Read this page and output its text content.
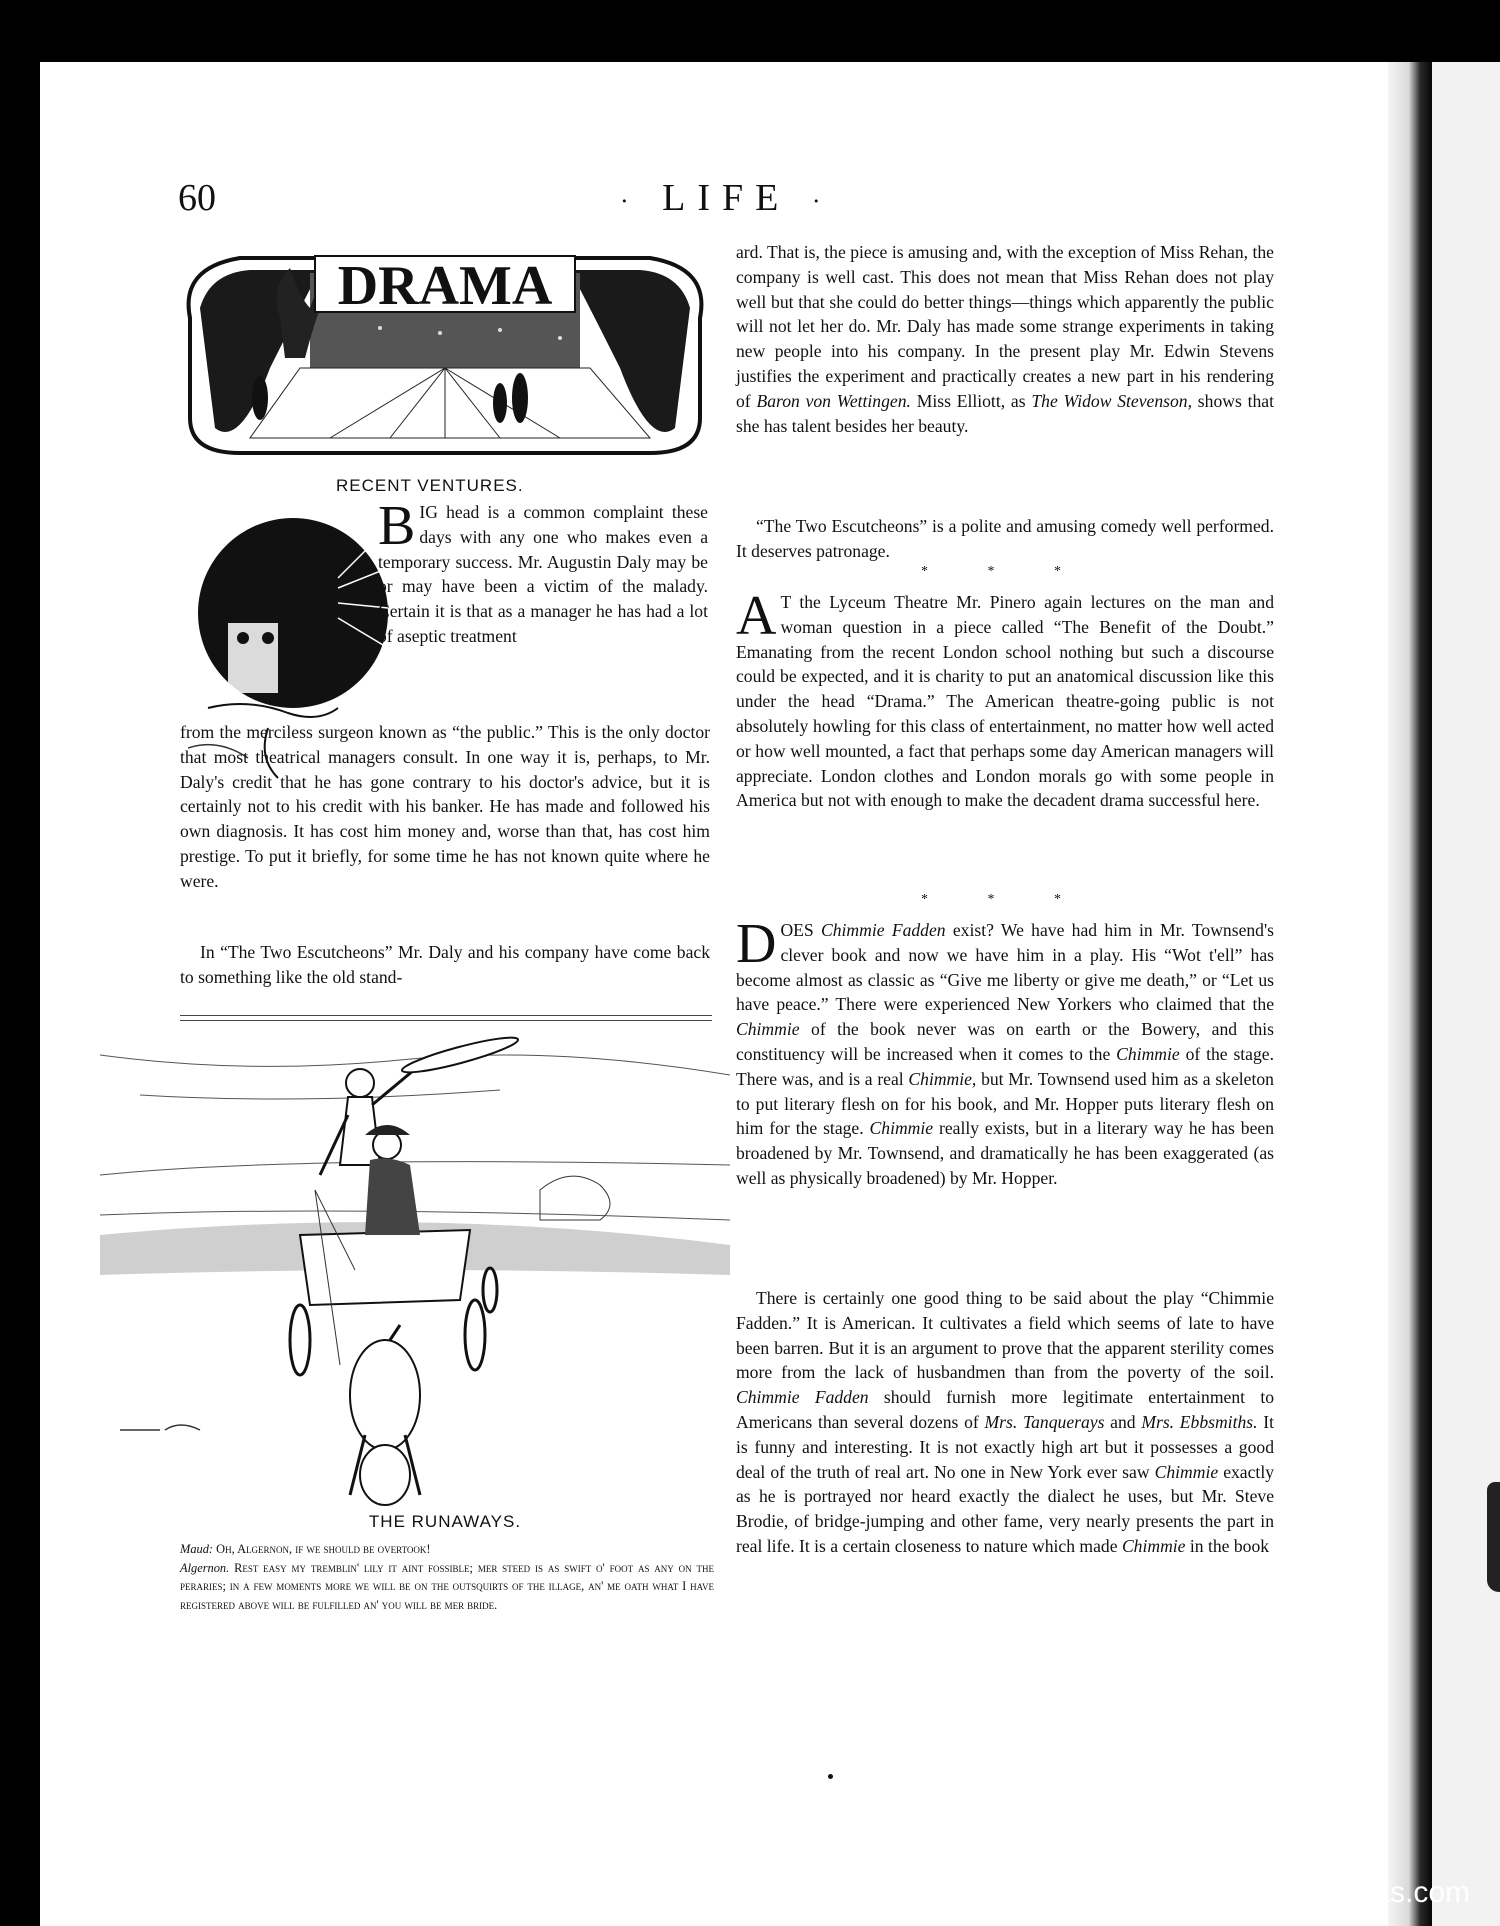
60	· LIFE ·
DRAMA
RECENT VENTURES.
BIG head is a common complaint these days with any one who makes even a temporary success. Mr. Augustin Daly may be or may have been a victim of the malady. Certain it is that as a manager he has had a lot of aseptic treatment
from the merciless surgeon known as “the public.” This is the only doctor that most theatrical managers consult. In one way it is, perhaps, to Mr. Daly's credit that he has gone contrary to his doctor's advice, but it is certainly not to his credit with his banker. He has made and followed his own diagnosis. It has cost him money and, worse than that, has cost him prestige. To put it briefly, for some time he has not known quite where he were.
In “The Two Escutcheons” Mr. Daly and his company have come back to something like the old stand-
THE RUNAWAYS.

Maud: Oh, Algernon, if we should be overtook!

Algernon. Rest easy my tremblin' lily it aint fossible; mer steed is as swift o' foot as any on the peraries; in a few moments more we will be on the outsquirts of the illage, an' me oath what I have registered above will be fulfilled an' you will be mer bride.

ard. That is, the piece is amusing and, with the exception of Miss Rehan, the company is well cast. This does not mean that Miss Rehan does not play well but that she could do better things—things which apparently the public will not let her do. Mr. Daly has made some strange experiments in taking new people into his company. In the present play Mr. Edwin Stevens justifies the experiment and practically creates a new part in his rendering of Baron von Wettingen. Miss Elliott, as The Widow Stevenson, shows that she has talent besides her beauty.
“The Two Escutcheons” is a polite and amusing comedy well performed. It deserves patronage.
* * *
A T the Lyceum Theatre Mr. Pinero again lectures on the man and woman question in a piece called “The Benefit of the Doubt.” Emanating from the recent London school nothing but such a discourse could be expected, and it is charity to put an anatomical discussion like this under the head “Drama.” The American theatre-going public is not absolutely howling for this class of entertainment, no matter how well acted or how well mounted, a fact that perhaps some day American managers will appreciate. London clothes and London morals go with some people in America but not with enough to make the decadent drama successful here.
* * *
DOES Chimmie Fadden exist? We have had him in Mr. Townsend's clever book and now we have him in a play. His “Wot t'ell” has become almost as classic as “Give me liberty or give me death,” or “Let us have peace.” There were experienced New Yorkers who claimed that the Chimmie of the book never was on earth or the Bowery, and this constituency will be increased when it comes to the Chimmie of the stage. There was, and is a real Chimmie, but Mr. Townsend used him as a skeleton to put literary flesh on for his book, and Mr. Hopper puts literary flesh on him for the stage. Chimmie really exists, but in a literary way he has been broadened by Mr. Townsend, and dramatically he has been exaggerated (as well as physically broadened) by Mr. Hopper.
There is certainly one good thing to be said about the play “Chimmie Fadden.” It is American. It cultivates a field which seems of late to have been barren. But it is an argument to prove that the apparent sterility comes more from the lack of husbandmen than from the poverty of the soil. Chimmie Fadden should furnish more legitimate entertainment to Americans than several dozens of Mrs. Tanquerays and Mrs. Ebbsmiths. It is funny and interesting. It is not exactly high art but it possesses a good deal of the truth of real art. No one in New York ever saw Chimmie exactly as he is portrayed nor heard exactly the dialect he uses, but Mr. Steve Brodie, of bridge-jumping and other fame, very nearly presents the part in real life. It is a certain closeness to nature which made Chimmie in the book
comicbooks.com
